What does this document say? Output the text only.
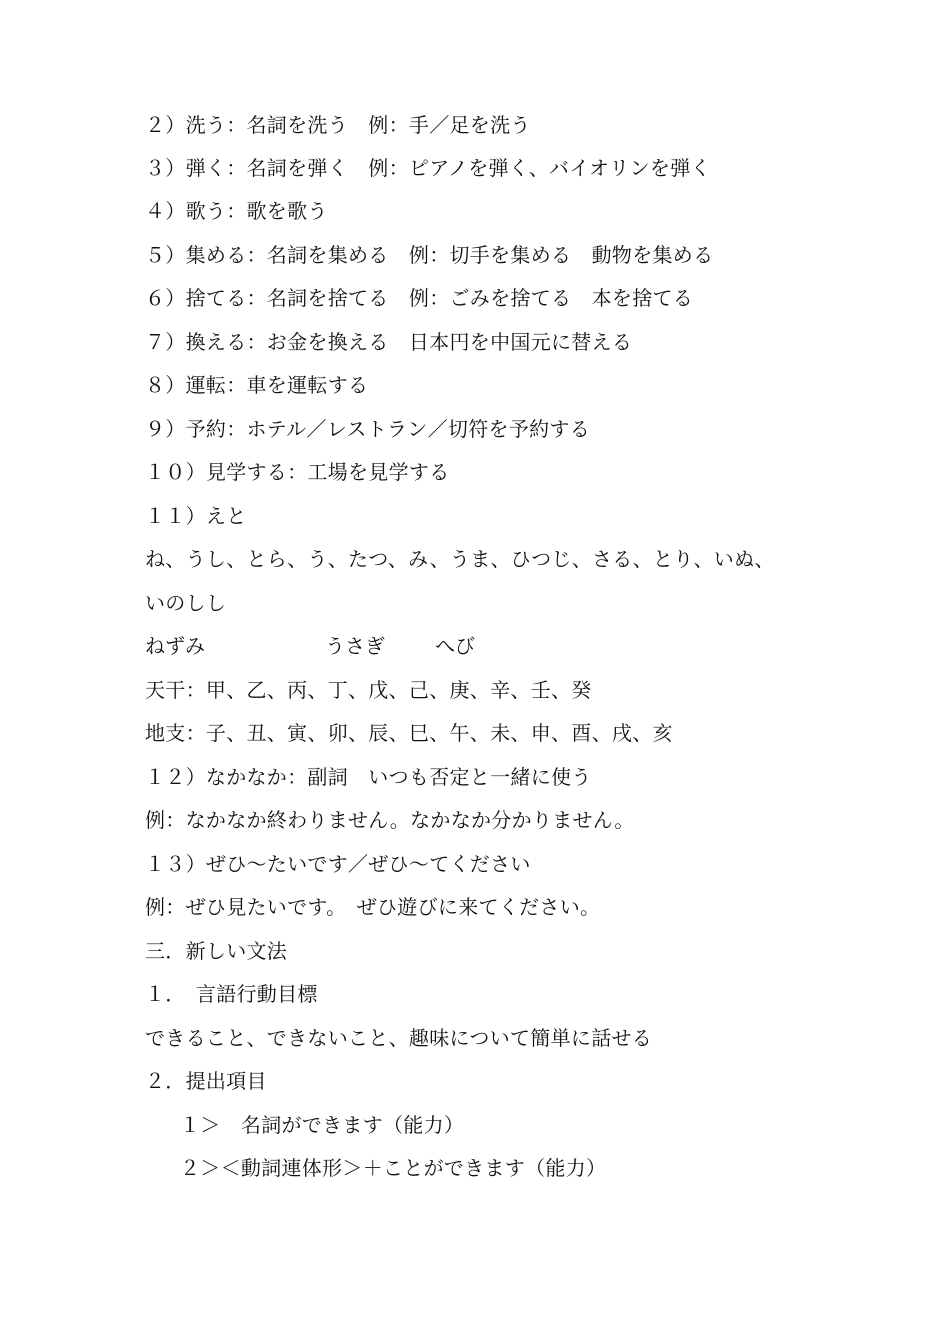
２）洗う：名詞を洗う　例：手／足を洗う
３）弾く：名詞を弾く　例：ピアノを弾く、バイオリンを弾く
４）歌う：歌を歌う
５）集める：名詞を集める　例：切手を集める　動物を集める
６）捨てる：名詞を捨てる　例：ごみを捨てる　本を捨てる
７）換える：お金を換える　日本円を中国元に替える
８）運転：車を運転する
９）予約：ホテル／レストラン／切符を予約する
１０）見学する：工場を見学する
１１）えと
ね、うし、とら、う、たつ、み、うま、ひつじ、さる、とり、いぬ、
いのしし
ねずみ	うさぎ	へび
天干：甲、乙、丙、丁、戊、己、庚、辛、壬、癸
地支：子、丑、寅、卯、辰、巳、午、未、申、酉、戌、亥
１２）なかなか：副詞　いつも否定と一緒に使う
例：なかなか終わりません。なかなか分かりません。
１３）ぜひ～たいです／ぜひ～てください
例：ぜひ見たいです。　ぜひ遊びに来てください。
三．新しい文法
１．　言語行動目標
できること、できないこと、趣味について簡単に話せる
２．提出項目
１＞　名詞ができます（能力）
２＞＜動詞連体形＞＋ことができます（能力）
